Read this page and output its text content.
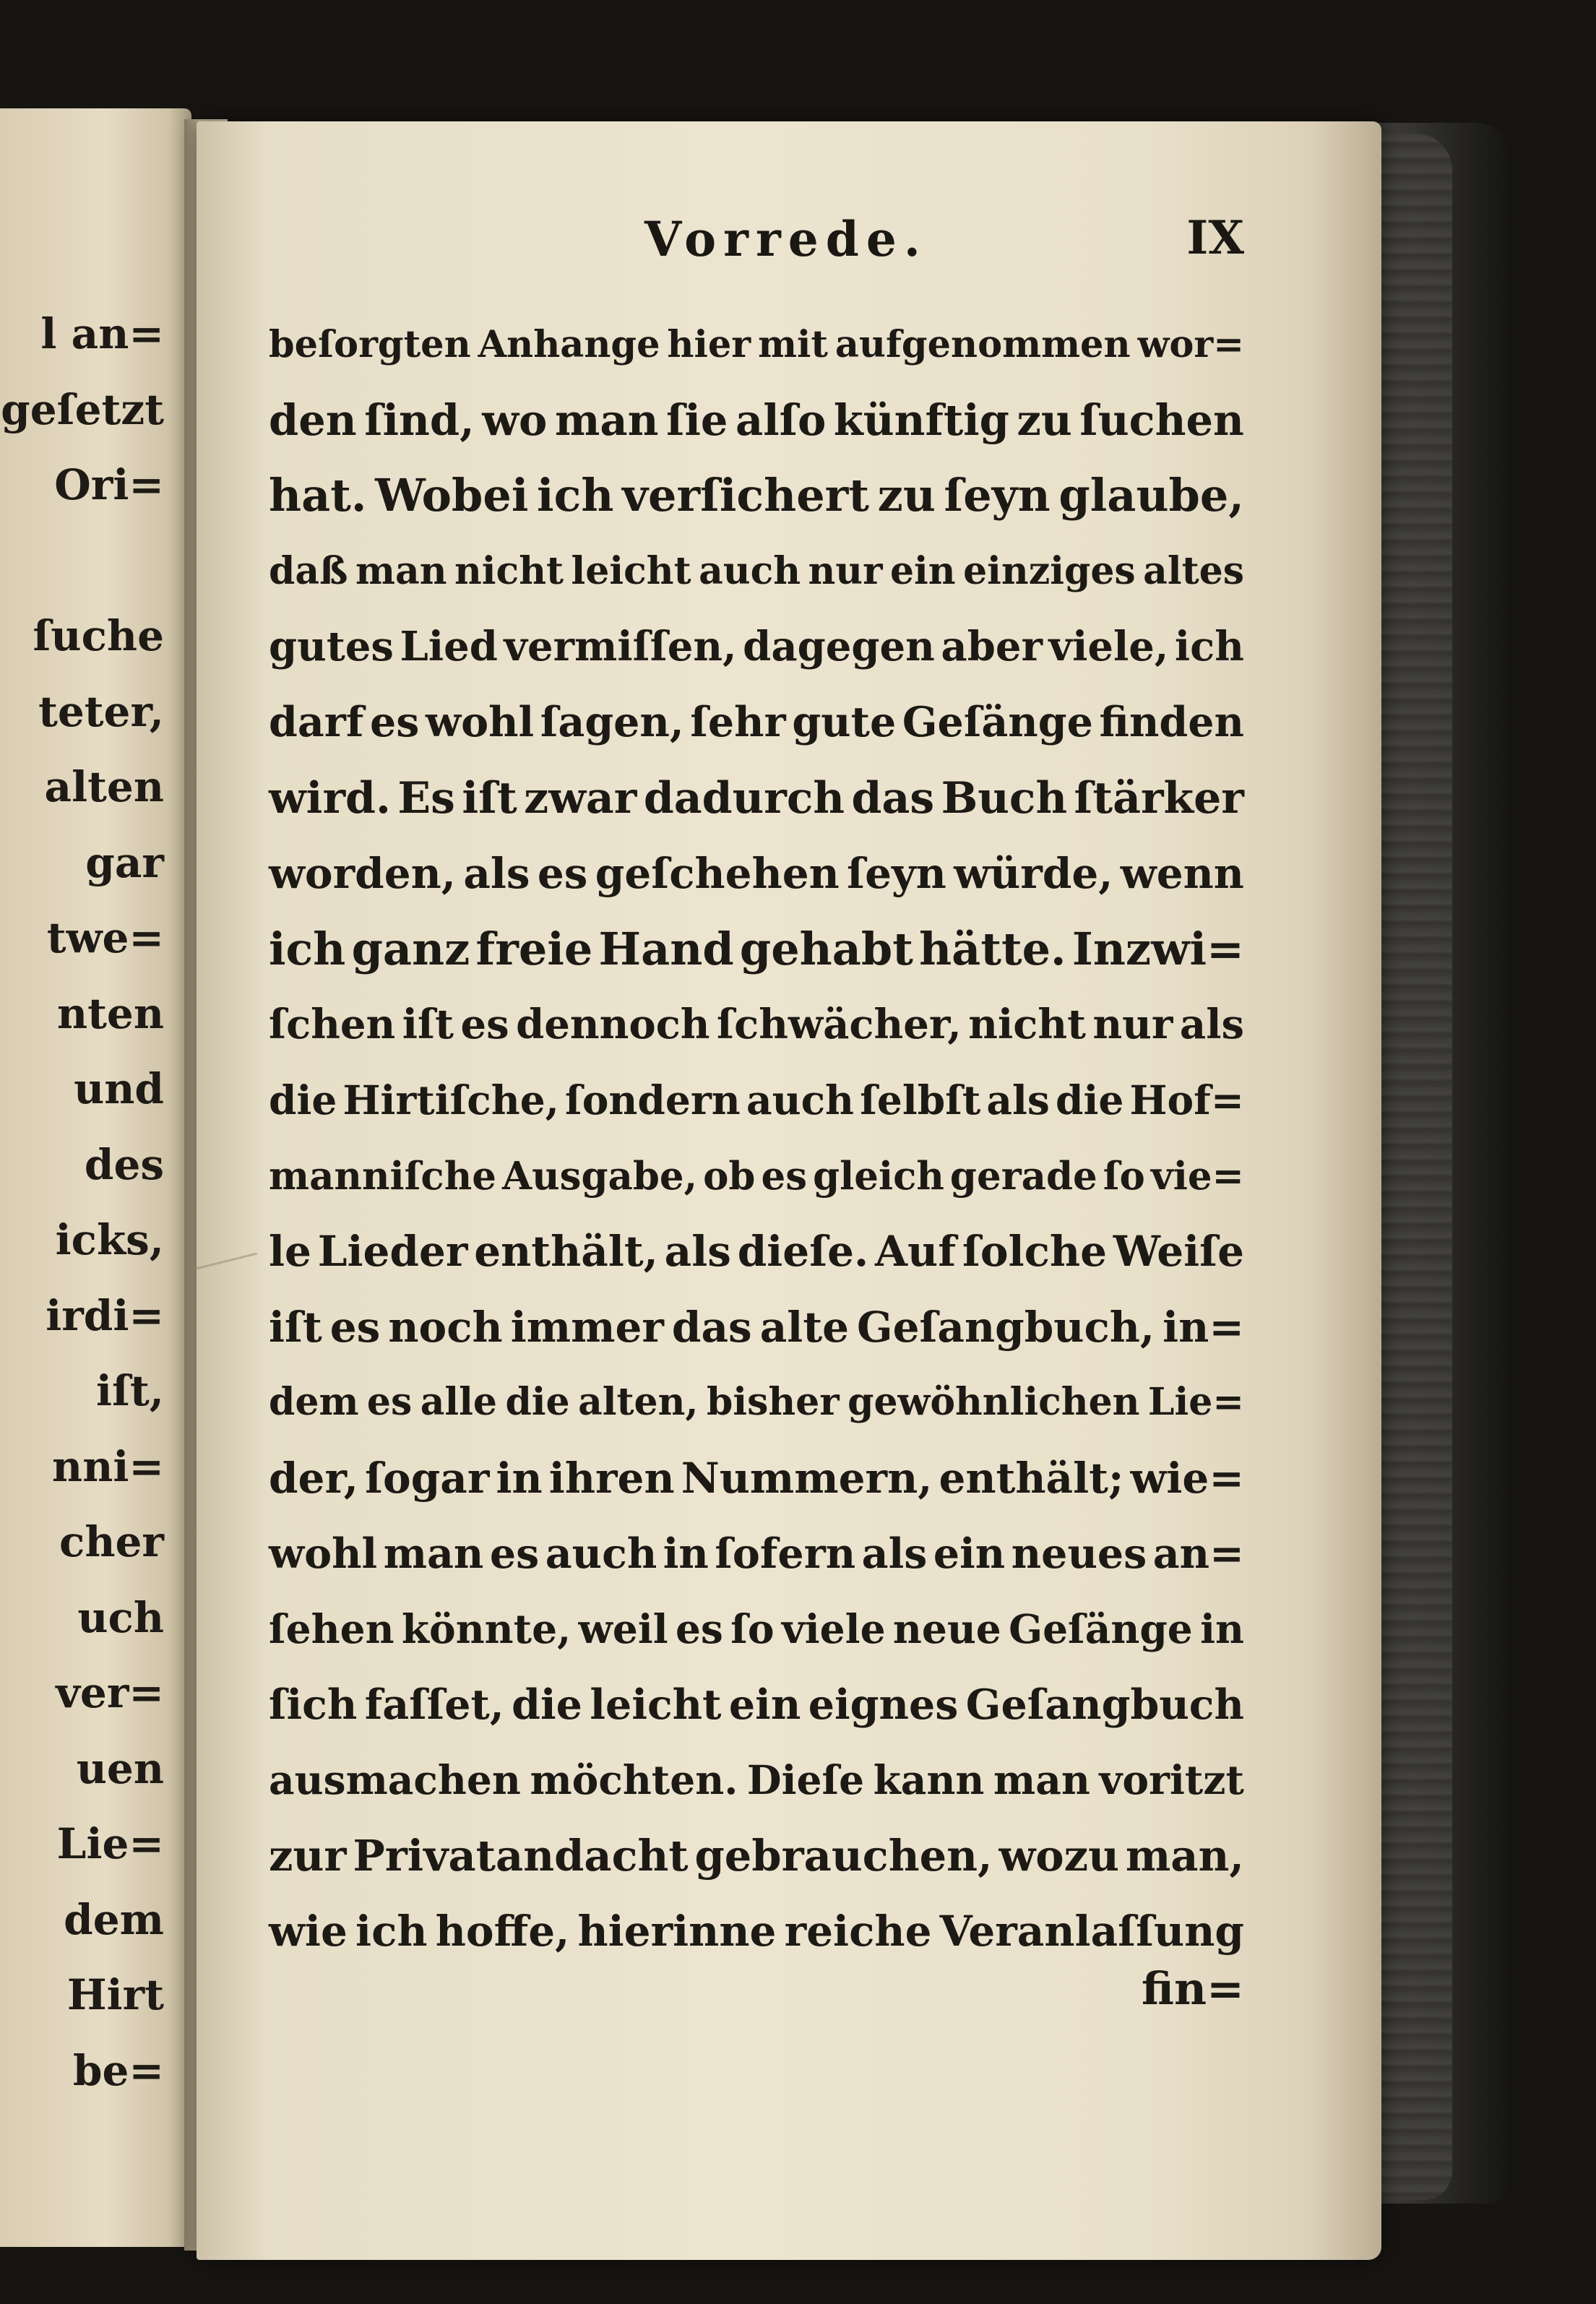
l an=
geſetzt
Ori=
ſuche
teter,
alten
gar
twe=
nten
und
des
icks,
irdi=
iſt,
nni=
cher
uch
ver=
uen
Lie=
dem
Hirt
be=
Vorrede.	IX
beſorgten Anhange hier mit aufgenommen wor=
den ſind, wo man ſie alſo künftig zu ſuchen
hat. Wobei ich verſichert zu ſeyn glaube,
daß man nicht leicht auch nur ein einziges altes
gutes Lied vermiſſen, dagegen aber viele, ich
darf es wohl ſagen, ſehr gute Geſänge finden
wird. Es iſt zwar dadurch das Buch ſtärker
worden, als es geſchehen ſeyn würde, wenn
ich ganz freie Hand gehabt hätte. Inzwi=
ſchen iſt es dennoch ſchwächer, nicht nur als
die Hirtiſche, ſondern auch ſelbſt als die Hof=
manniſche Ausgabe, ob es gleich gerade ſo vie=
le Lieder enthält, als dieſe. Auf ſolche Weiſe
iſt es noch immer das alte Geſangbuch, in=
dem es alle die alten, bisher gewöhnlichen Lie=
der, ſogar in ihren Nummern, enthält; wie=
wohl man es auch in ſofern als ein neues an=
ſehen könnte, weil es ſo viele neue Geſänge in
ſich faſſet, die leicht ein eignes Geſangbuch
ausmachen möchten. Dieſe kann man voritzt
zur Privatandacht gebrauchen, wozu man,
wie ich hoffe, hierinne reiche Veranlaſſung
fin=
